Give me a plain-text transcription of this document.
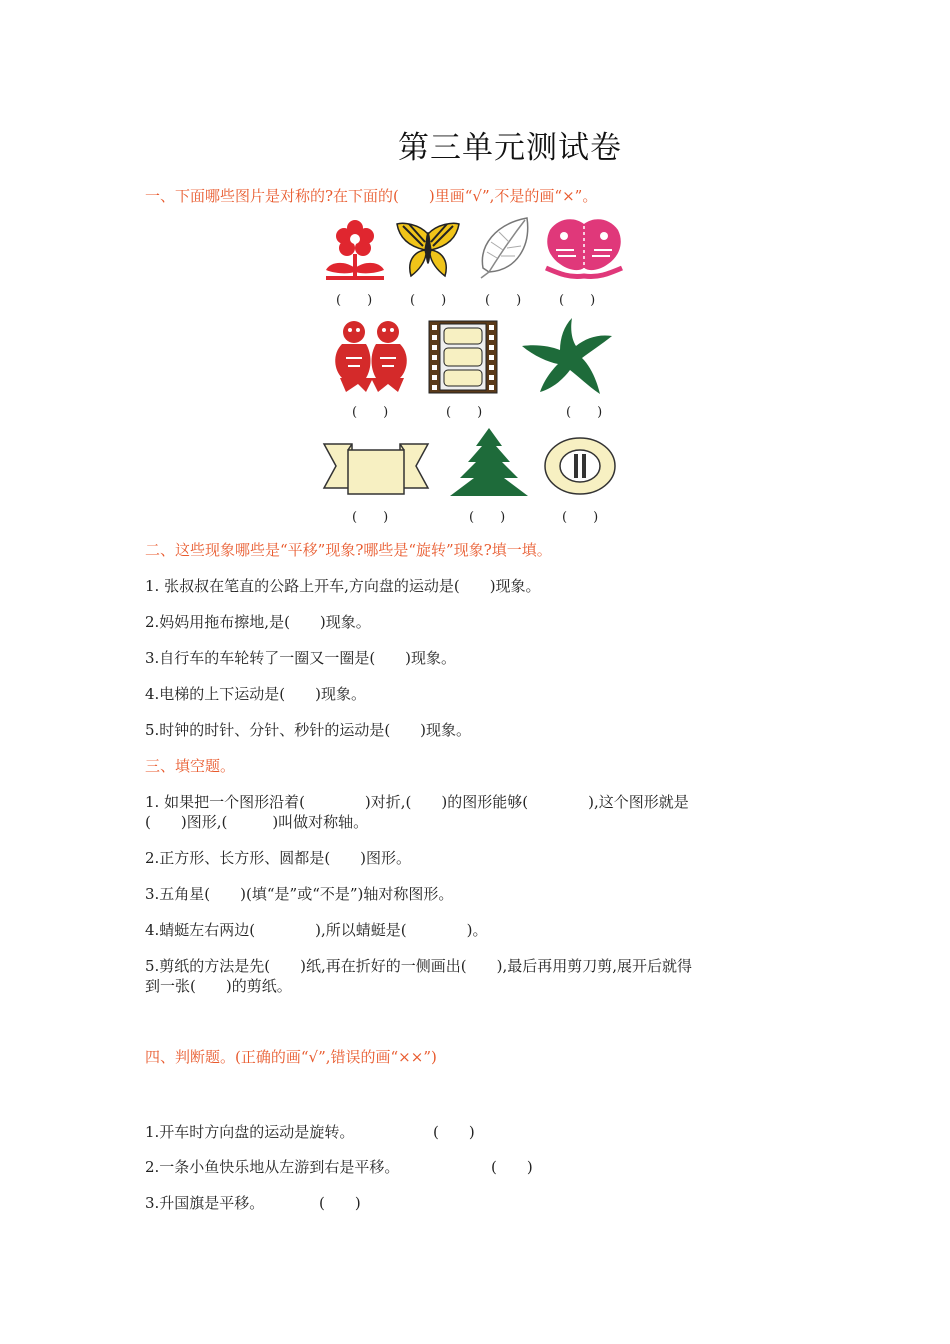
第三单元测试卷
一、下面哪些图片是对称的?在下面的(　　)里画“√”,不是的画“×”。
(　　)	(　　)	(　　)	(　　)
(　　)	(　　)	(　　)
(　　)	(　　)	(　　)
二、这些现象哪些是“平移”现象?哪些是“旋转”现象?填一填。
1. 张叔叔在笔直的公路上开车,方向盘的运动是(　　)现象。
2.妈妈用拖布擦地,是(　　)现象。
3.自行车的车轮转了一圈又一圈是(　　)现象。
4.电梯的上下运动是(　　)现象。
5.时钟的时针、分针、秒针的运动是(　　)现象。
三、填空题。
1. 如果把一个图形沿着(　　　　)对折,(　　)的图形能够(　　　　),这个图形就是
(　　)图形,(　　　)叫做对称轴。
2.正方形、长方形、圆都是(　　)图形。
3.五角星(　　)(填“是”或“不是”)轴对称图形。
4.蜻蜓左右两边(　　　　),所以蜻蜓是(　　　　)。
5.剪纸的方法是先(　　)纸,再在折好的一侧画出(　　),最后再用剪刀剪,展开后就得
到一张(　　)的剪纸。
四、判断题。(正确的画“√”,错误的画“××”)
1.开车时方向盘的运动是旋转。	(　　)
2.一条小鱼快乐地从左游到右是平移。	(　　)
3.升国旗是平移。	(　　)
